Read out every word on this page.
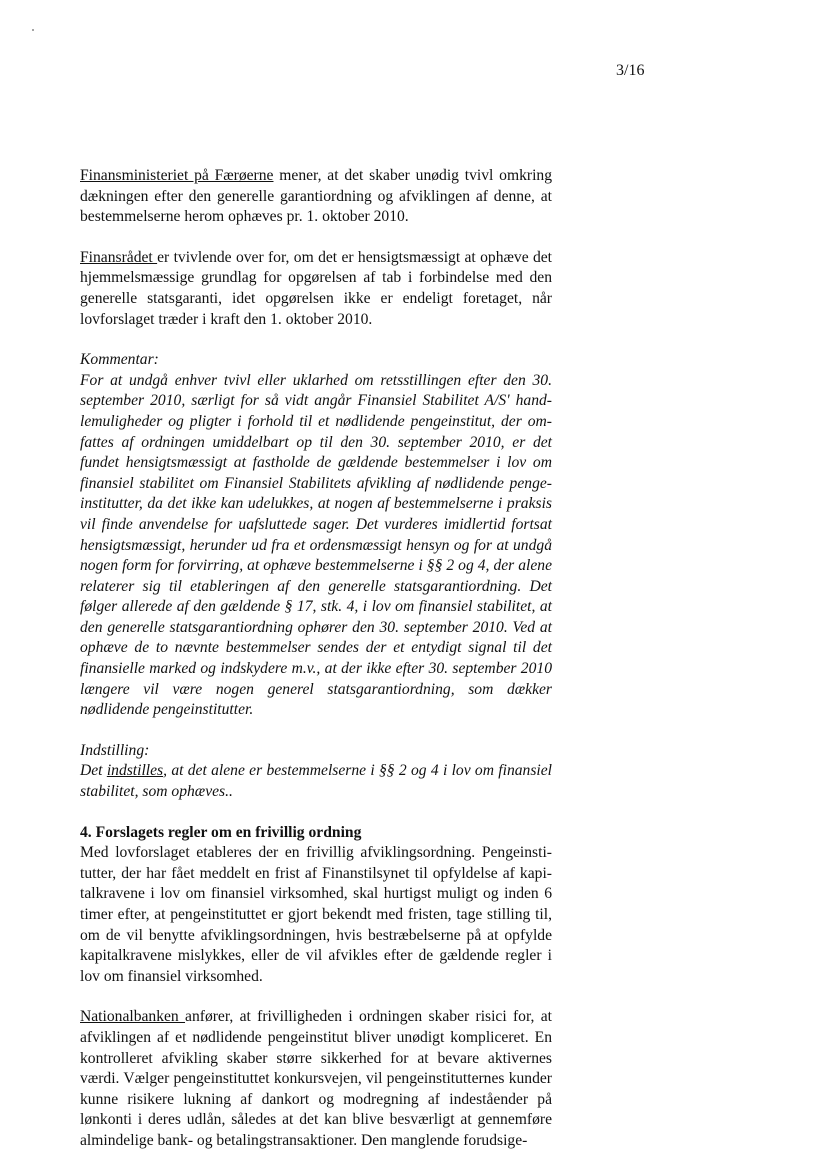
3/16

Finansministeriet på Færøerne mener, at det skaber unødig tvivl omkring dækningen efter den generelle garantiordning og afviklingen af denne, at bestemmelserne herom ophæves pr. 1. oktober 2010.

Finansrådet er tvivlende over for, om det er hensigtsmæssigt at ophæve det hjemmelsmæssige grundlag for opgørelsen af tab i forbindelse med den generelle statsgaranti, idet opgørelsen ikke er endeligt foretaget, når lovforslaget træder i kraft den 1. oktober 2010.

Kommentar:

For at undgå enhver tvivl eller uklarhed om retsstillingen efter den 30. september 2010, særligt for så vidt angår Finansiel Stabilitet A/S' handlemuligheder og pligter i forhold til et nødlidende pengeinstitut, der omfattes af ordningen umiddelbart op til den 30. september 2010, er det fundet hensigtsmæssigt at fastholde de gældende bestemmelser i lov om finansiel stabilitet om Finansiel Stabilitets afvikling af nødlidende pengeinstitutter, da det ikke kan udelukkes, at nogen af bestemmelserne i praksis vil finde anvendelse for uafsluttede sager. Det vurderes imidlertid fortsat hensigtsmæssigt, herunder ud fra et ordensmæssigt hensyn og for at undgå nogen form for forvirring, at ophæve bestemmelserne i §§ 2 og 4, der alene relaterer sig til etableringen af den generelle statsgarantiordning. Det følger allerede af den gældende § 17, stk. 4, i lov om finansiel stabilitet, at den generelle statsgarantiordning ophører den 30. september 2010. Ved at ophæve de to nævnte bestemmelser sendes der et entydigt signal til det finansielle marked og indskydere m.v., at der ikke efter 30. september 2010 længere vil være nogen generel statsgarantiordning, som dækker nødlidende pengeinstitutter.

Indstilling:

Det indstilles, at det alene er bestemmelserne i §§ 2 og 4 i lov om finansiel stabilitet, som ophæves..

4. Forslagets regler om en frivillig ordning

Med lovforslaget etableres der en frivillig afviklingsordning. Pengeinstitutter, der har fået meddelt en frist af Finanstilsynet til opfyldelse af kapitalkravene i lov om finansiel virksomhed, skal hurtigst muligt og inden 6 timer efter, at pengeinstituttet er gjort bekendt med fristen, tage stilling til, om de vil benytte afviklingsordningen, hvis bestræbelserne på at opfylde kapitalkravene mislykkes, eller de vil afvikles efter de gældende regler i lov om finansiel virksomhed.

Nationalbanken anfører, at frivilligheden i ordningen skaber risici for, at afviklingen af et nødlidende pengeinstitut bliver unødigt kompliceret. En kontrolleret afvikling skaber større sikkerhed for at bevare aktivernes værdi. Vælger pengeinstituttet konkursvejen, vil pengeinstitutternes kunder kunne risikere lukning af dankort og modregning af indeståender på lønkonti i deres udlån, således at det kan blive besværligt at gennemføre almindelige bank- og betalingstransaktioner. Den manglende forudsige-
